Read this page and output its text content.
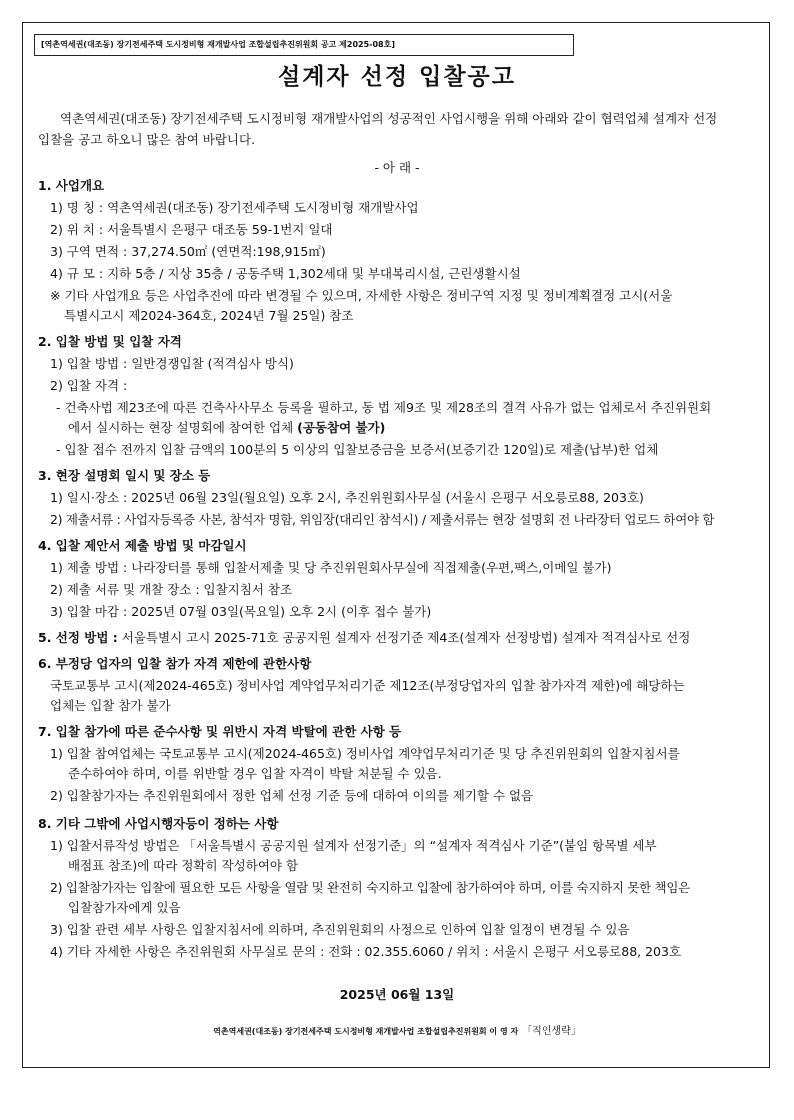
[역촌역세권(대조동) 장기전세주택 도시정비형 재개발사업 조합설립추진위원회 공고 제2025-08호]
설계자 선정 입찰공고
역촌역세권(대조동) 장기전세주택 도시정비형 재개발사업의 성공적인 사업시행을 위해 아래와 같이 협력업체 설계자 선정 입찰을 공고 하오니 많은 참여 바랍니다.
- 아 래 -
1. 사업개요
1) 명 칭 : 역촌역세권(대조동) 장기전세주택 도시정비형 재개발사업
2) 위 치 : 서울특별시 은평구 대조동 59-1번지 일대
3) 구역 면적 : 37,274.50㎡ (연면적:198,915㎡)
4) 규 모 : 지하 5층 / 지상 35층 / 공동주택 1,302세대 및 부대복리시설, 근린생활시설
※ 기타 사업개요 등은 사업추진에 따라 변경될 수 있으며, 자세한 사항은 정비구역 지정 및 정비계획결정 고시(서울
특별시고시 제2024-364호, 2024년 7월 25일) 참조
2. 입찰 방법 및 입찰 자격
1) 입찰 방법 : 일반경쟁입찰 (적격심사 방식)
2) 입찰 자격 :
- 건축사법 제23조에 따른 건축사사무소 등록을 필하고, 동 법 제9조 및 제28조의 결격 사유가 없는 업체로서 추진위원회
에서 실시하는 현장 설명회에 참여한 업체 (공동참여 불가)
- 입찰 접수 전까지 입찰 금액의 100분의 5 이상의 입찰보증금을 보증서(보증기간 120일)로 제출(납부)한 업체
3. 현장 설명회 일시 및 장소 등
1) 일시·장소 : 2025년 06월 23일(월요일) 오후 2시, 추진위원회사무실 (서울시 은평구 서오릉로88, 203호)
2) 제출서류 : 사업자등록증 사본, 참석자 명함, 위임장(대리인 참석시) / 제출서류는 현장 설명회 전 나라장터 업로드 하여야 함
4. 입찰 제안서 제출 방법 및 마감일시
1) 제출 방법 : 나라장터를 통해 입찰서제출 및 당 추진위원회사무실에 직접제출(우편,팩스,이메일 불가)
2) 제출 서류 및 개찰 장소 : 입찰지침서 참조
3) 입찰 마감 : 2025년 07월 03일(목요일) 오후 2시 (이후 접수 불가)
5. 선정 방법 : 서울특별시 고시 2025-71호 공공지원 설계자 선정기준 제4조(설계자 선정방법) 설계자 적격심사로 선정
6. 부정당 업자의 입찰 참가 자격 제한에 관한사항
국토교통부 고시(제2024-465호) 정비사업 계약업무처리기준 제12조(부정당업자의 입찰 참가자격 제한)에 해당하는
업체는 입찰 참가 불가
7. 입찰 참가에 따른 준수사항 및 위반시 자격 박탈에 관한 사항 등
1) 입찰 참여업체는 국토교통부 고시(제2024-465호) 정비사업 계약업무처리기준 및 당 추진위원회의 입찰지침서를
준수하여야 하며, 이를 위반할 경우 입찰 자격이 박탈 처분될 수 있음.
2) 입찰참가자는 추진위원회에서 정한 업체 선정 기준 등에 대하여 이의를 제기할 수 없음
8. 기타 그밖에 사업시행자등이 정하는 사항
1) 입찰서류작성 방법은 「서울특별시 공공지원 설계자 선정기준」의 “설계자 적격심사 기준”(붙임 항목별 세부
배점표 참조)에 따라 정확히 작성하여야 함
2) 입찰참가자는 입찰에 필요한 모든 사항을 열람 및 완전히 숙지하고 입찰에 참가하여야 하며, 이를 숙지하지 못한 책임은
입찰참가자에게 있음
3) 입찰 관련 세부 사항은 입찰지침서에 의하며, 추진위원회의 사정으로 인하여 입찰 일정이 변경될 수 있음
4) 기타 자세한 사항은 추진위원회 사무실로 문의 : 전화 : 02.355.6060 / 위치 : 서울시 은평구 서오릉로88, 203호
2025년 06월 13일
역촌역세권(대조동) 장기전세주택 도시정비형 재개발사업 조합설립추진위원회 이 영 자 「직인생략」
